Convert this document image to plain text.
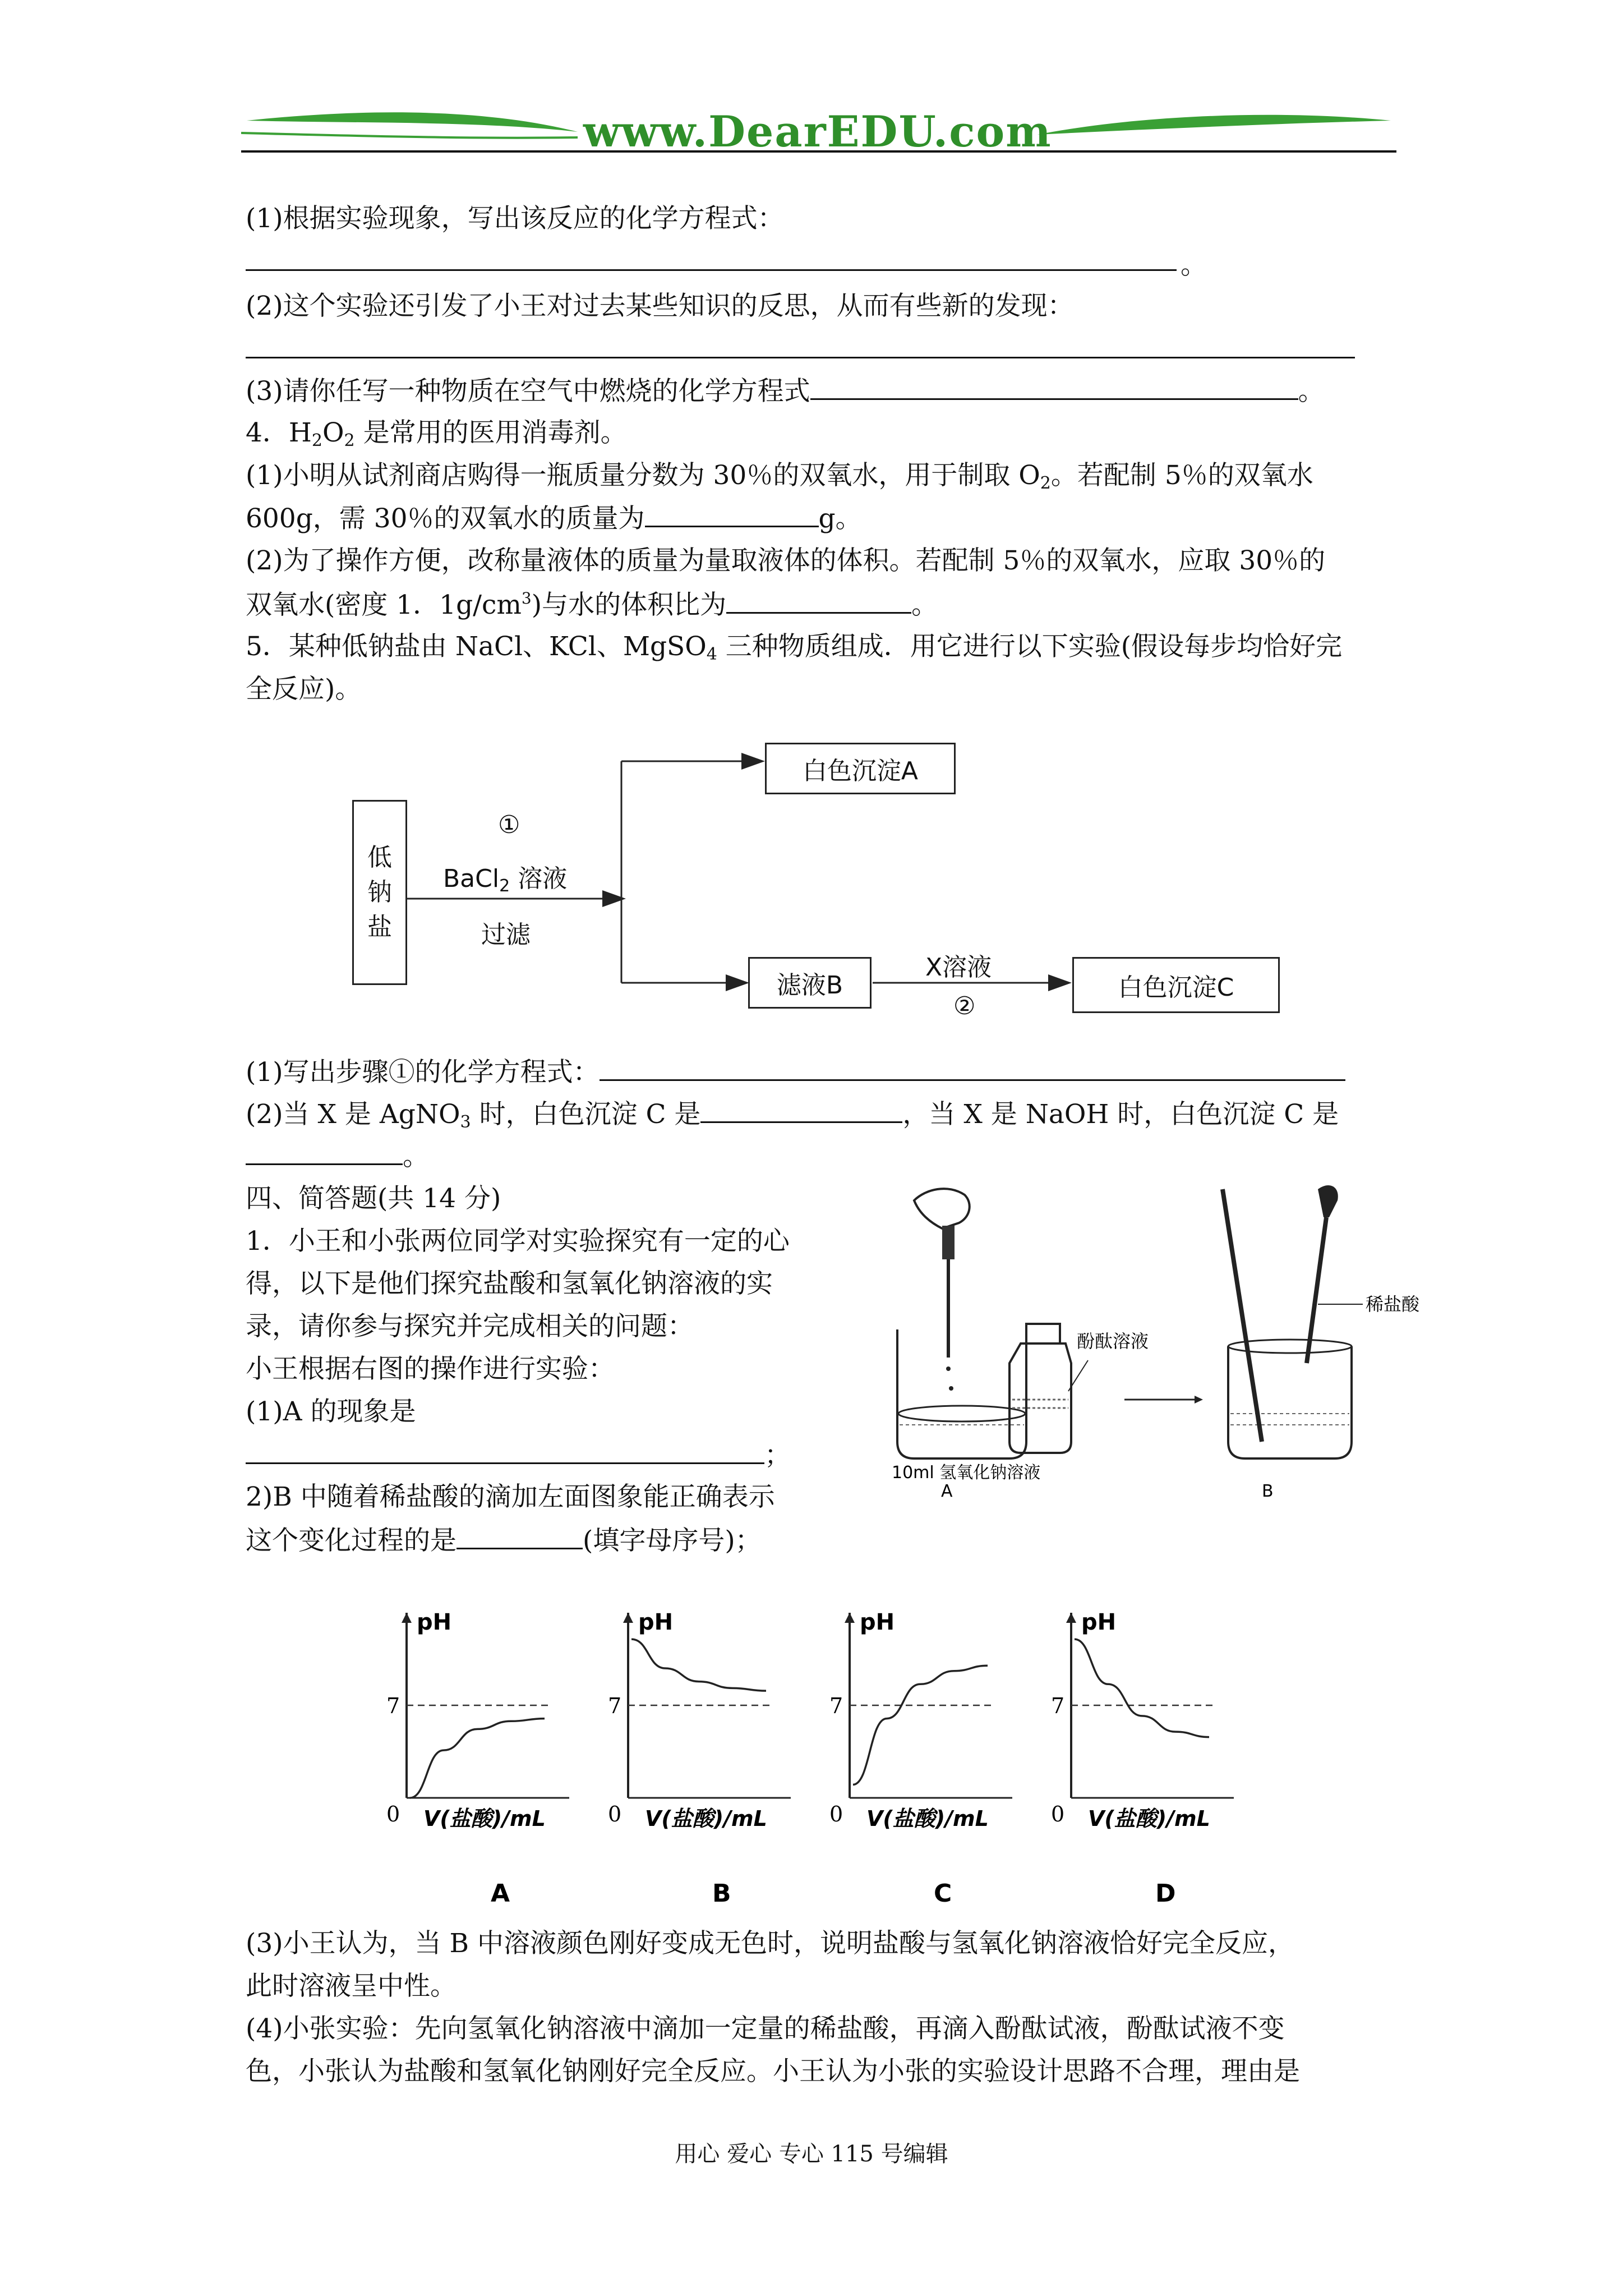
www.DearEDU.com
(1)根据实验现象，写出该反应的化学方程式：
。
(2)这个实验还引发了小王对过去某些知识的反思，从而有些新的发现：
(3)请你任写一种物质在空气中燃烧的化学方程式	。
4．$H_2O_2$ 是常用的医用消毒剂。
(1)小明从试剂商店购得一瓶质量分数为 30％的双氧水，用于制取 $O_2$。若配制 5％的双氧水
600g，需 30％的双氧水的质量为	g。
(2)为了操作方便，改称量液体的质量为量取液体的体积。若配制 5％的双氧水，应取 30％的
双氧水(密度 1．$1g/cm^3$)与水的体积比为	。
5．某种低钠盐由 NaCl、KCl、MgSO$_4$ 三种物质组成．用它进行以下实验(假设每步均恰好完
全反应)。
低
钠
盐
①
BaCl$_2$ 溶液
过滤
白色沉淀A
滤液B
X溶液
②
白色沉淀C
(1)写出步骤①的化学方程式：
(2)当 X 是 AgNO$_3$ 时，白色沉淀 C 是	，当 X 是 NaOH 时，白色沉淀 C 是
。
四、简答题(共 14 分)
1．小王和小张两位同学对实验探究有一定的心
得，以下是他们探究盐酸和氢氧化钠溶液的实
录，请你参与探究并完成相关的问题：
小王根据右图的操作进行实验：
(1)A 的现象是
；
2)B 中随着稀盐酸的滴加左面图象能正确表示
这个变化过程的是	(填字母序号)；
酚酞溶液
稀盐酸
10ml 氢氧化钠溶液
A	B
pH
7
0 V(盐酸)/mL
A
pH
7
0 V(盐酸)/mL
B
pH
7
0 V(盐酸)/mL
C
pH
7
0 V(盐酸)/mL
D
(3)小王认为，当 B 中溶液颜色刚好变成无色时，说明盐酸与氢氧化钠溶液恰好完全反应，
此时溶液呈中性。
(4)小张实验：先向氢氧化钠溶液中滴加一定量的稀盐酸，再滴入酚酞试液，酚酞试液不变
色，小张认为盐酸和氢氧化钠刚好完全反应。小王认为小张的实验设计思路不合理，理由是
用心 爱心 专心 115 号编辑
